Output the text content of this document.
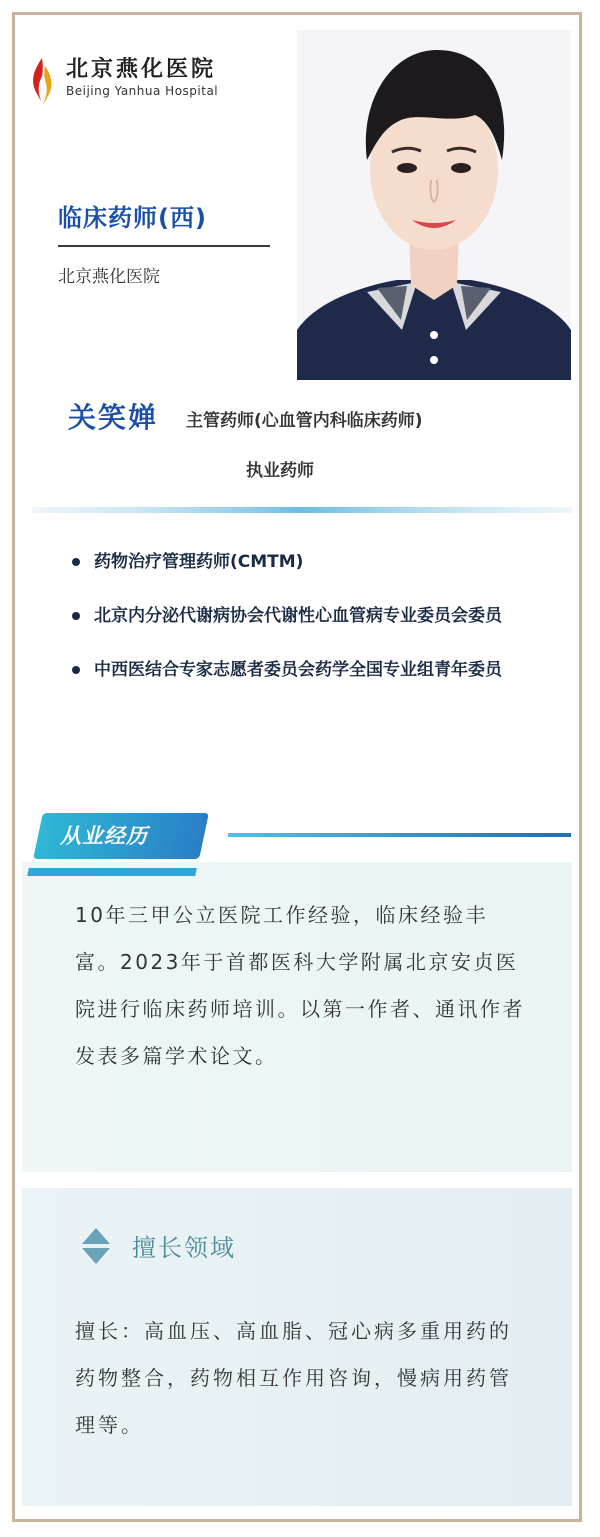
北京燕化医院
Beijing Yanhua Hospital
临床药师(西)
北京燕化医院
关笑婵 主管药师(心血管内科临床药师)
执业药师
药物治疗管理药师(CMTM)
北京内分泌代谢病协会代谢性心血管病专业委员会委员
中西医结合专家志愿者委员会药学全国专业组青年委员
10年三甲公立医院工作经验，临床经验丰富。2023年于首都医科大学附属北京安贞医院进行临床药师培训。以第一作者、通讯作者发表多篇学术论文。
从业经历
擅长领域
擅长：高血压、高血脂、冠心病多重用药的药物整合，药物相互作用咨询，慢病用药管理等。
